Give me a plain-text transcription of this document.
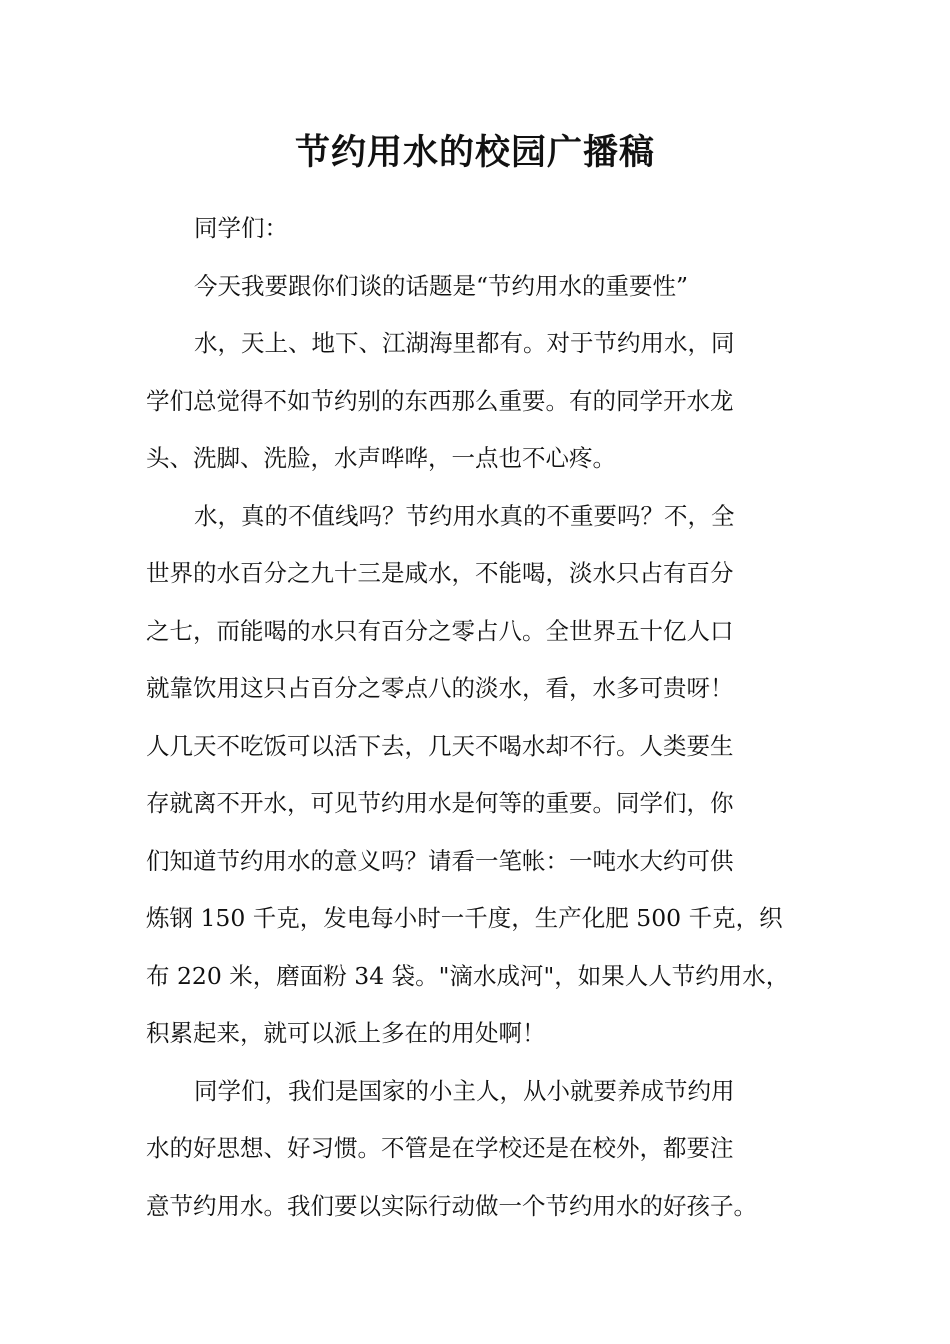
节约用水的校园广播稿
同学们：
今天我要跟你们谈的话题是“节约用水的重要性”
水，天上、地下、江湖海里都有。对于节约用水，同
学们总觉得不如节约别的东西那么重要。有的同学开水龙
头、洗脚、洗脸，水声哗哗，一点也不心疼。
水，真的不值线吗？节约用水真的不重要吗？不，全
世界的水百分之九十三是咸水，不能喝，淡水只占有百分
之七，而能喝的水只有百分之零占八。全世界五十亿人口
就靠饮用这只占百分之零点八的淡水，看，水多可贵呀！
人几天不吃饭可以活下去，几天不喝水却不行。人类要生
存就离不开水，可见节约用水是何等的重要。同学们，你
们知道节约用水的意义吗？请看一笔帐：一吨水大约可供
炼钢 150 千克，发电每小时一千度，生产化肥 500 千克，织
布 220 米，磨面粉 34 袋。"滴水成河"，如果人人节约用水，
积累起来，就可以派上多在的用处啊！
同学们，我们是国家的小主人，从小就要养成节约用
水的好思想、好习惯。不管是在学校还是在校外，都要注
意节约用水。我们要以实际行动做一个节约用水的好孩子。
